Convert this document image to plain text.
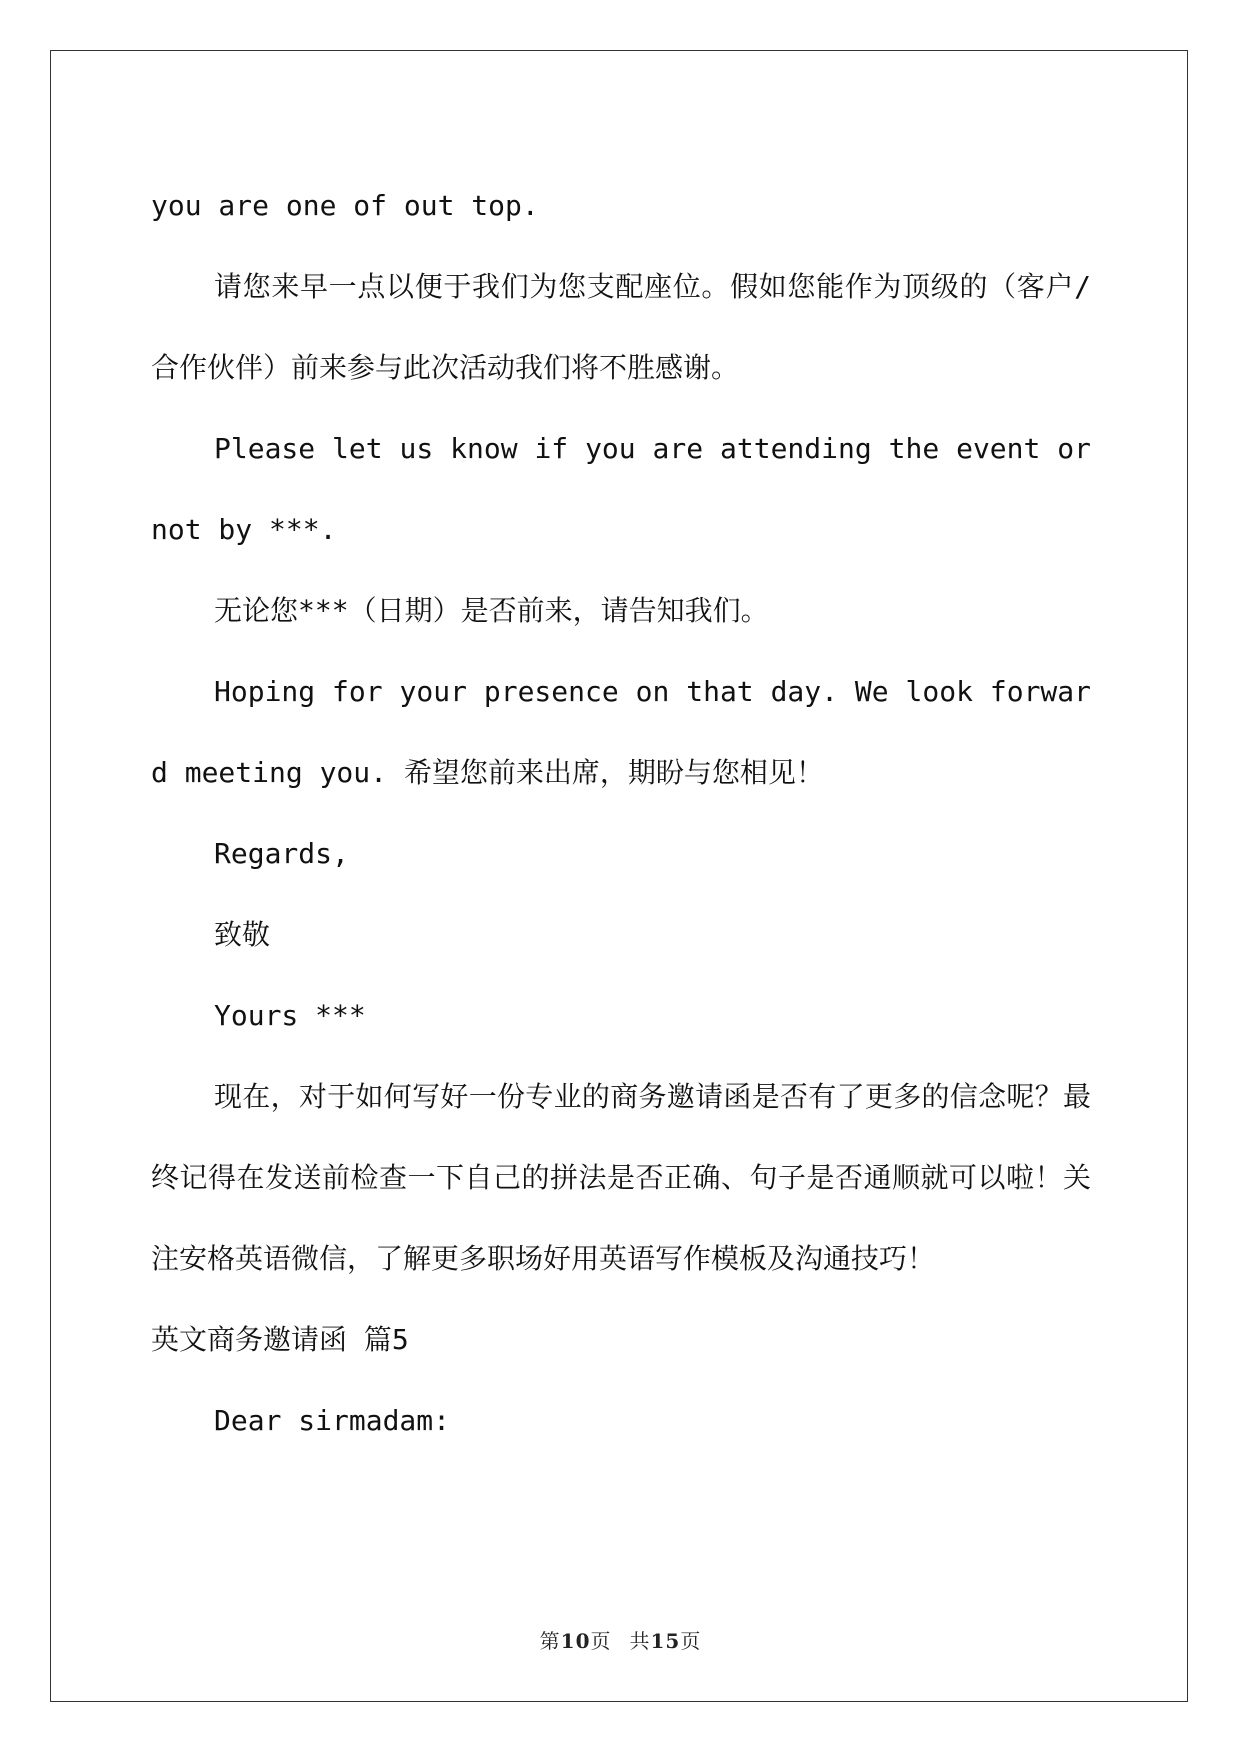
you are one of out top.

请您来早一点以便于我们为您支配座位。假如您能作为顶级的（客户/合作伙伴）前来参与此次活动我们将不胜感谢。

Please let us know if you are attending the event or not by ***.

无论您***（日期）是否前来，请告知我们。

Hoping for your presence on that day. We look forward meeting you. 希望您前来出席，期盼与您相见！

Regards,

致敬

Yours ***

现在，对于如何写好一份专业的商务邀请函是否有了更多的信念呢？最终记得在发送前检查一下自己的拼法是否正确、句子是否通顺就可以啦！关注安格英语微信，了解更多职场好用英语写作模板及沟通技巧！

英文商务邀请函 篇5

Dear sirmadam:

第10页 共15页
